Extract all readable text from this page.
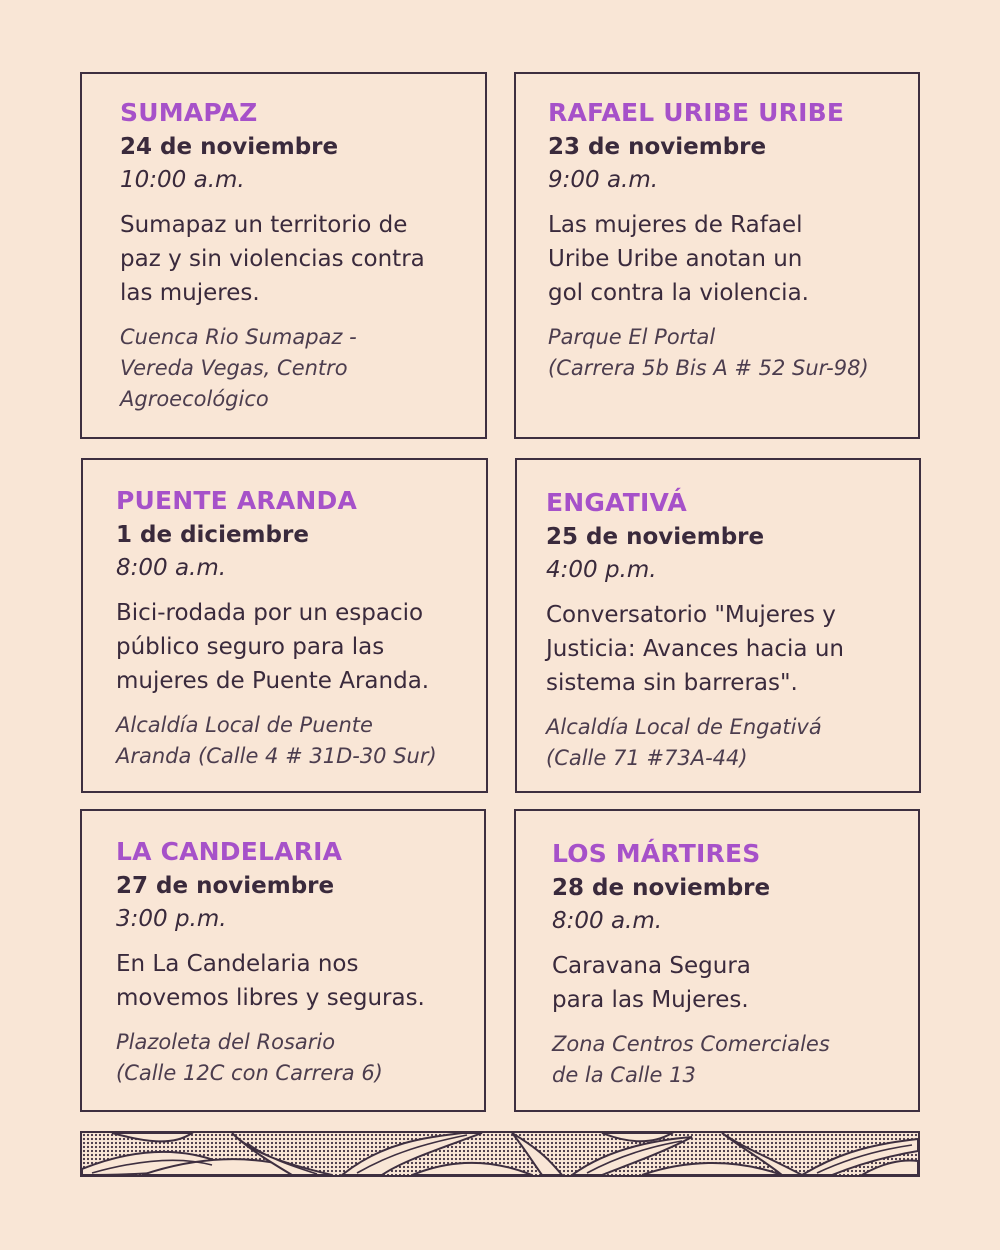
SUMAPAZ
24 de noviembre
10:00 a.m.
Sumapaz un territorio de
paz y sin violencias contra
las mujeres.
Cuenca Rio Sumapaz -
Vereda Vegas, Centro
Agroecológico
RAFAEL URIBE URIBE
23 de noviembre
9:00 a.m.
Las mujeres de Rafael
Uribe Uribe anotan un
gol contra la violencia.
Parque El Portal
(Carrera 5b Bis A # 52 Sur-98)
PUENTE ARANDA
1 de diciembre
8:00 a.m.
Bici-rodada por un espacio
público seguro para las
mujeres de Puente Aranda.
Alcaldía Local de Puente
Aranda (Calle 4 # 31D-30 Sur)
ENGATIVÁ
25 de noviembre
4:00 p.m.
Conversatorio "Mujeres y
Justicia: Avances hacia un
sistema sin barreras".
Alcaldía Local de Engativá
(Calle 71 #73A-44)
LA CANDELARIA
27 de noviembre
3:00 p.m.
En La Candelaria nos
movemos libres y seguras.
Plazoleta del Rosario
(Calle 12C con Carrera 6)
LOS MÁRTIRES
28 de noviembre
8:00 a.m.
Caravana Segura
para las Mujeres.
Zona Centros Comerciales
de la Calle 13
